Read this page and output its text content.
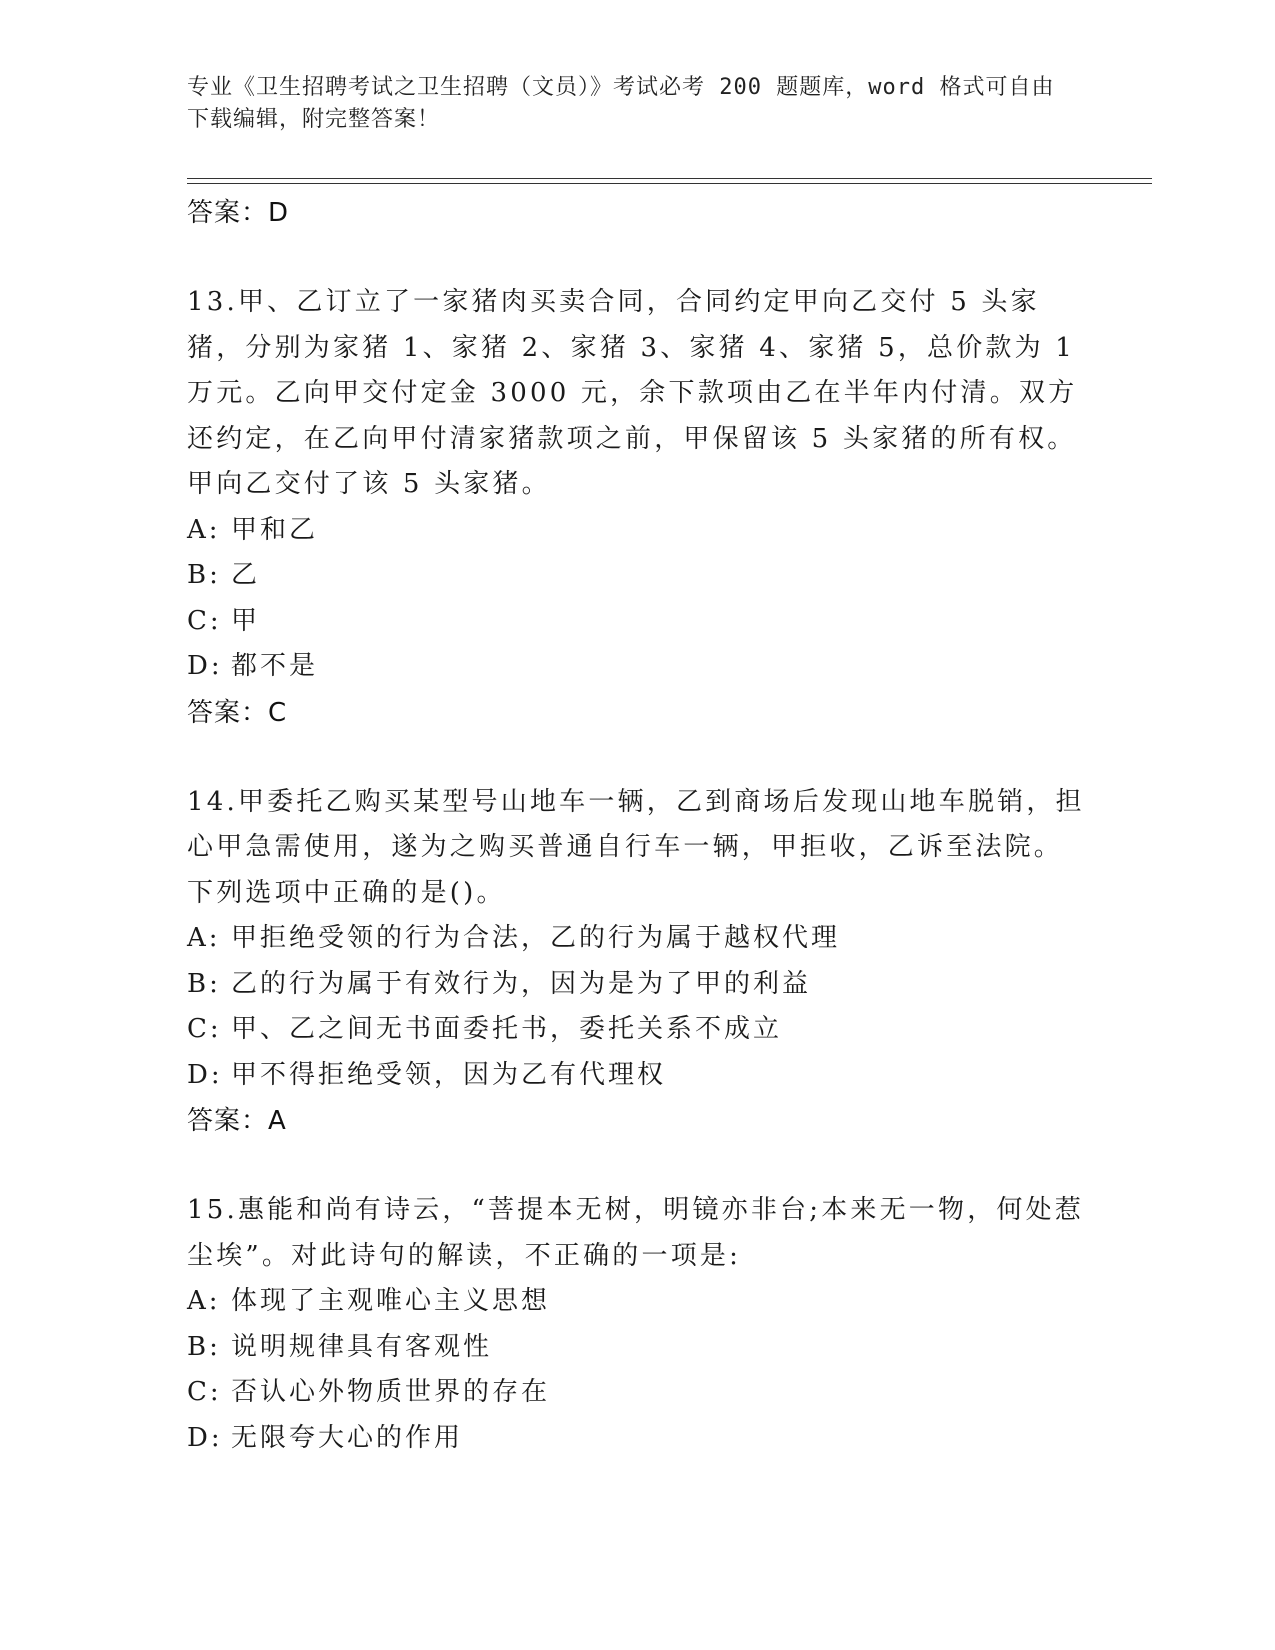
专业《卫生招聘考试之卫生招聘（文员）》考试必考 200 题题库，word 格式可自由下载编辑，附完整答案！
答案：D
13.甲、乙订立了一家猪肉买卖合同，合同约定甲向乙交付 5 头家猪，分别为家猪 1、家猪 2、家猪 3、家猪 4、家猪 5，总价款为 1 万元。乙向甲交付定金 3000 元，余下款项由乙在半年内付清。双方还约定，在乙向甲付清家猪款项之前，甲保留该 5 头家猪的所有权。甲向乙交付了该 5 头家猪。
A: 甲和乙
B: 乙
C: 甲
D: 都不是
答案：C
14.甲委托乙购买某型号山地车一辆，乙到商场后发现山地车脱销，担心甲急需使用，遂为之购买普通自行车一辆，甲拒收，乙诉至法院。下列选项中正确的是()。
A: 甲拒绝受领的行为合法，乙的行为属于越权代理
B: 乙的行为属于有效行为，因为是为了甲的利益
C: 甲、乙之间无书面委托书，委托关系不成立
D: 甲不得拒绝受领，因为乙有代理权
答案：A
15.惠能和尚有诗云，“菩提本无树，明镜亦非台;本来无一物，何处惹尘埃”。对此诗句的解读，不正确的一项是:
A: 体现了主观唯心主义思想
B: 说明规律具有客观性
C: 否认心外物质世界的存在
D: 无限夸大心的作用
